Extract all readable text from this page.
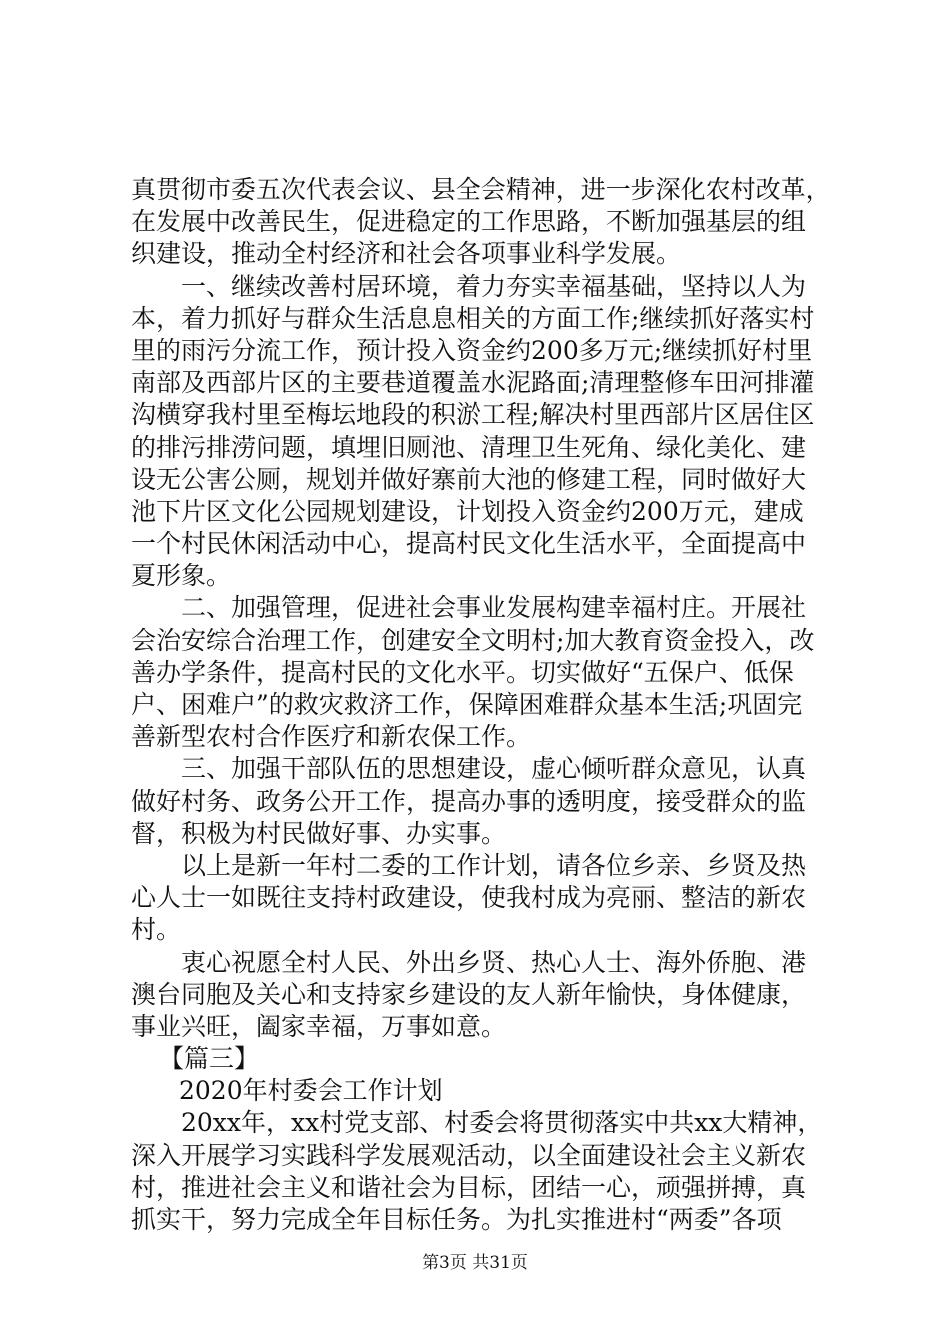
真贯彻市委五次代表会议、县全会精神，进一步深化农村改革，
在发展中改善民生，促进稳定的工作思路，不断加强基层的组
织建设，推动全村经济和社会各项事业科学发展。
一、继续改善村居环境，着力夯实幸福基础，坚持以人为
本，着力抓好与群众生活息息相关的方面工作;继续抓好落实村
里的雨污分流工作，预计投入资金约200多万元;继续抓好村里
南部及西部片区的主要巷道覆盖水泥路面;清理整修车田河排灌
沟横穿我村里至梅坛地段的积淤工程;解决村里西部片区居住区
的排污排涝问题，填埋旧厕池、清理卫生死角、绿化美化、建
设无公害公厕，规划并做好寨前大池的修建工程，同时做好大
池下片区文化公园规划建设，计划投入资金约200万元，建成
一个村民休闲活动中心，提高村民文化生活水平，全面提高中
夏形象。
二、加强管理，促进社会事业发展构建幸福村庄。开展社
会治安综合治理工作，创建安全文明村;加大教育资金投入，改
善办学条件，提高村民的文化水平。切实做好“五保户、低保
户、困难户”的救灾救济工作，保障困难群众基本生活;巩固完
善新型农村合作医疗和新农保工作。
三、加强干部队伍的思想建设，虚心倾听群众意见，认真
做好村务、政务公开工作，提高办事的透明度，接受群众的监
督，积极为村民做好事、办实事。
以上是新一年村二委的工作计划，请各位乡亲、乡贤及热
心人士一如既往支持村政建设，使我村成为亮丽、整洁的新农
村。
衷心祝愿全村人民、外出乡贤、热心人士、海外侨胞、港
澳台同胞及关心和支持家乡建设的友人新年愉快，身体健康，
事业兴旺，阖家幸福，万事如意。
【篇三】
2020年村委会工作计划
20xx年，xx村党支部、村委会将贯彻落实中共xx大精神，
深入开展学习实践科学发展观活动，以全面建设社会主义新农
村，推进社会主义和谐社会为目标，团结一心，顽强拼搏，真
抓实干，努力完成全年目标任务。为扎实推进村“两委”各项
第3页 共31页
